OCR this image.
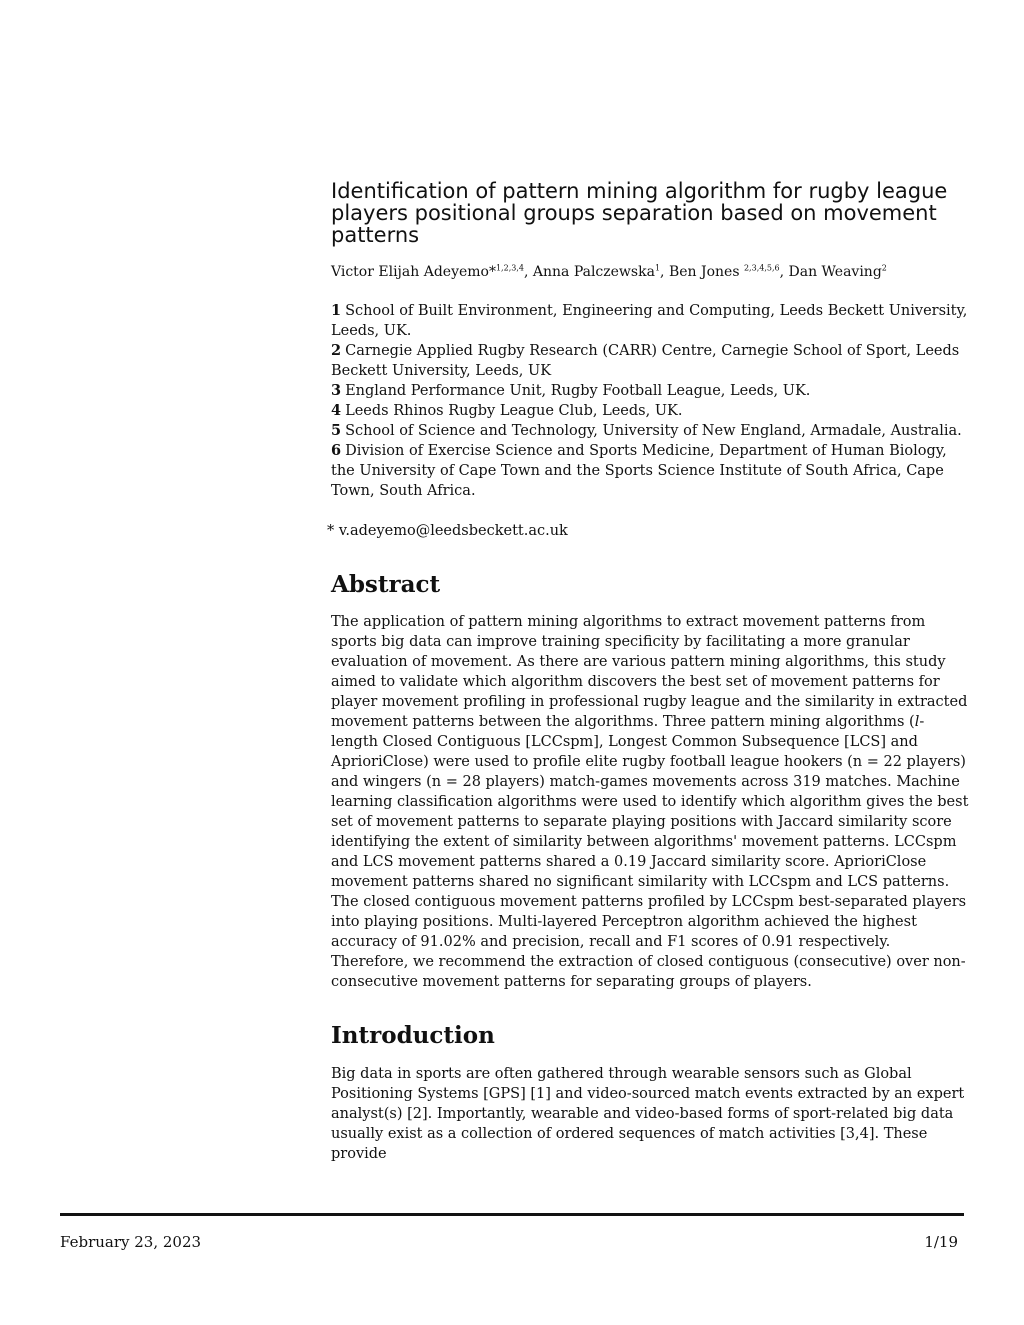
Identification of pattern mining algorithm for rugby league players positional groups separation based on movement patterns
Victor Elijah Adeyemo*$^{1,2,3,4}$, Anna Palczewska$^1$, Ben Jones $^{2,3,4,5,6}$, Dan Weaving$^2$
1 School of Built Environment, Engineering and Computing, Leeds Beckett University, Leeds, UK.
2 Carnegie Applied Rugby Research (CARR) Centre, Carnegie School of Sport, Leeds Beckett University, Leeds, UK
3 England Performance Unit, Rugby Football League, Leeds, UK.
4 Leeds Rhinos Rugby League Club, Leeds, UK.
5 School of Science and Technology, University of New England, Armadale, Australia.
6 Division of Exercise Science and Sports Medicine, Department of Human Biology, the University of Cape Town and the Sports Science Institute of South Africa, Cape Town, South Africa.
* v.adeyemo@leedsbeckett.ac.uk
Abstract

The application of pattern mining algorithms to extract movement patterns from sports big data can improve training specificity by facilitating a more granular evaluation of movement. As there are various pattern mining algorithms, this study aimed to validate which algorithm discovers the best set of movement patterns for player movement profiling in professional rugby league and the similarity in extracted movement patterns between the algorithms. Three pattern mining algorithms (l-length Closed Contiguous [LCCspm], Longest Common Subsequence [LCS] and AprioriClose) were used to profile elite rugby football league hookers (n = 22 players) and wingers (n = 28 players) match-games movements across 319 matches. Machine learning classification algorithms were used to identify which algorithm gives the best set of movement patterns to separate playing positions with Jaccard similarity score identifying the extent of similarity between algorithms' movement patterns. LCCspm and LCS movement patterns shared a 0.19 Jaccard similarity score. AprioriClose movement patterns shared no significant similarity with LCCspm and LCS patterns. The closed contiguous movement patterns profiled by LCCspm best-separated players into playing positions. Multi-layered Perceptron algorithm achieved the highest accuracy of 91.02% and precision, recall and F1 scores of 0.91 respectively. Therefore, we recommend the extraction of closed contiguous (consecutive) over non-consecutive movement patterns for separating groups of players.

Introduction

Big data in sports are often gathered through wearable sensors such as Global Positioning Systems [GPS] [1] and video-sourced match events extracted by an expert analyst(s) [2]. Importantly, wearable and video-based forms of sport-related big data usually exist as a collection of ordered sequences of match activities [3,4]. These provide

February 23, 2023	1/19
